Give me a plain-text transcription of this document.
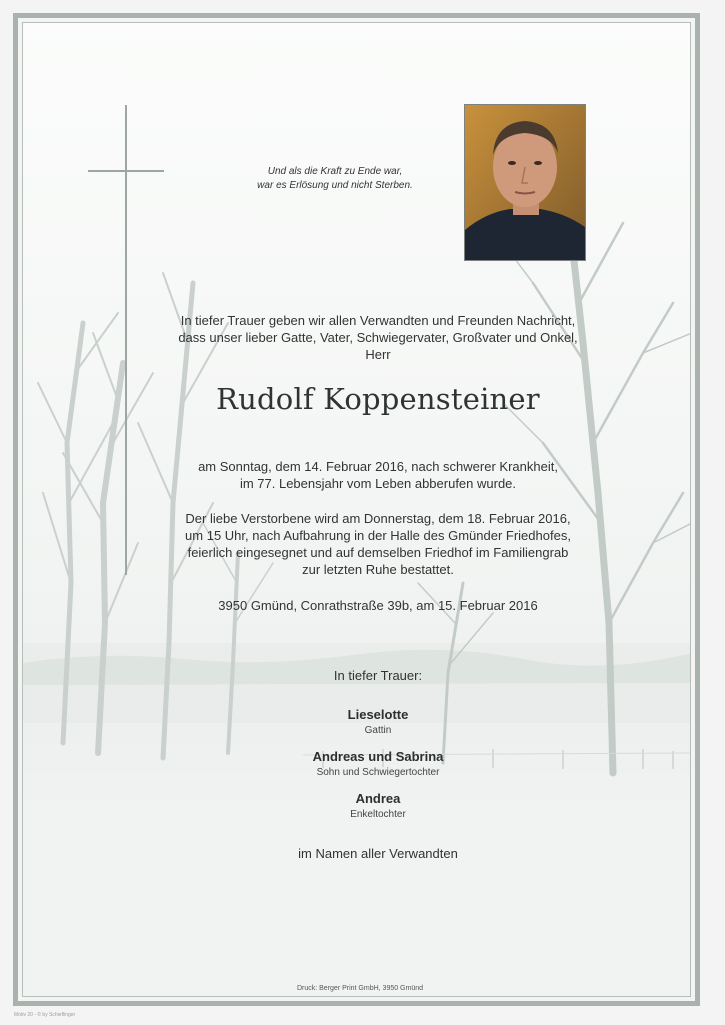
Und als die Kraft zu Ende war,
war es Erlösung und nicht Sterben.
In tiefer Trauer geben wir allen Verwandten und Freunden Nachricht,
dass unser lieber Gatte, Vater, Schwiegervater, Großvater und Onkel,
Herr
Rudolf Koppensteiner
am Sonntag, dem 14. Februar 2016, nach schwerer Krankheit,
im 77. Lebensjahr vom Leben abberufen wurde.
Der liebe Verstorbene wird am Donnerstag, dem 18. Februar 2016,
um 15 Uhr, nach Aufbahrung in der Halle des Gmünder Friedhofes,
feierlich eingesegnet und auf demselben Friedhof im Familiengrab
zur letzten Ruhe bestattet.
3950 Gmünd, Conrathstraße 39b, am 15. Februar 2016
In tiefer Trauer:
Lieselotte
Gattin
Andreas und Sabrina
Sohn und Schwiegertochter
Andrea
Enkeltochter
im Namen aller Verwandten
Druck: Berger Print GmbH, 3950 Gmünd
Motiv 20 - © by Schieflinger
